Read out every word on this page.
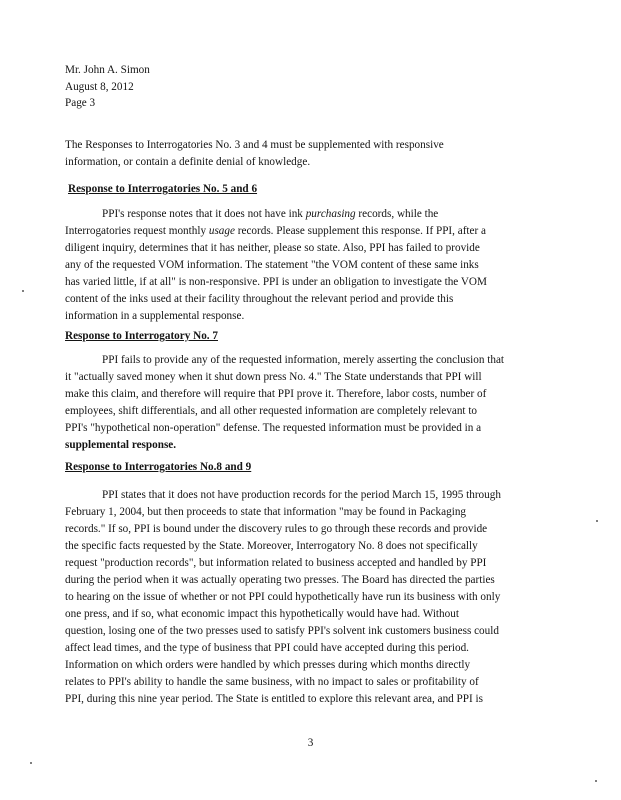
Mr. John A. Simon
August 8, 2012
Page 3
The Responses to Interrogatories No. 3 and 4 must be supplemented with responsive
information, or contain a definite denial of knowledge.
Response to Interrogatories No. 5 and 6
PPI's response notes that it does not have ink purchasing records, while the
Interrogatories request monthly usage records. Please supplement this response. If PPI, after a
diligent inquiry, determines that it has neither, please so state. Also, PPI has failed to provide
any of the requested VOM information. The statement "the VOM content of these same inks
has varied little, if at all" is non-responsive. PPI is under an obligation to investigate the VOM
content of the inks used at their facility throughout the relevant period and provide this
information in a supplemental response.
Response to Interrogatory No. 7
PPI fails to provide any of the requested information, merely asserting the conclusion that
it "actually saved money when it shut down press No. 4." The State understands that PPI will
make this claim, and therefore will require that PPI prove it. Therefore, labor costs, number of
employees, shift differentials, and all other requested information are completely relevant to
PPI's "hypothetical non-operation" defense. The requested information must be provided in a
supplemental response.
Response to Interrogatories No.8 and 9
PPI states that it does not have production records for the period March 15, 1995 through
February 1, 2004, but then proceeds to state that information "may be found in Packaging
records." If so, PPI is bound under the discovery rules to go through these records and provide
the specific facts requested by the State. Moreover, Interrogatory No. 8 does not specifically
request "production records", but information related to business accepted and handled by PPI
during the period when it was actually operating two presses. The Board has directed the parties
to hearing on the issue of whether or not PPI could hypothetically have run its business with only
one press, and if so, what economic impact this hypothetically would have had. Without
question, losing one of the two presses used to satisfy PPI's solvent ink customers business could
affect lead times, and the type of business that PPI could have accepted during this period.
Information on which orders were handled by which presses during which months directly
relates to PPI's ability to handle the same business, with no impact to sales or profitability of
PPI, during this nine year period. The State is entitled to explore this relevant area, and PPI is
3
